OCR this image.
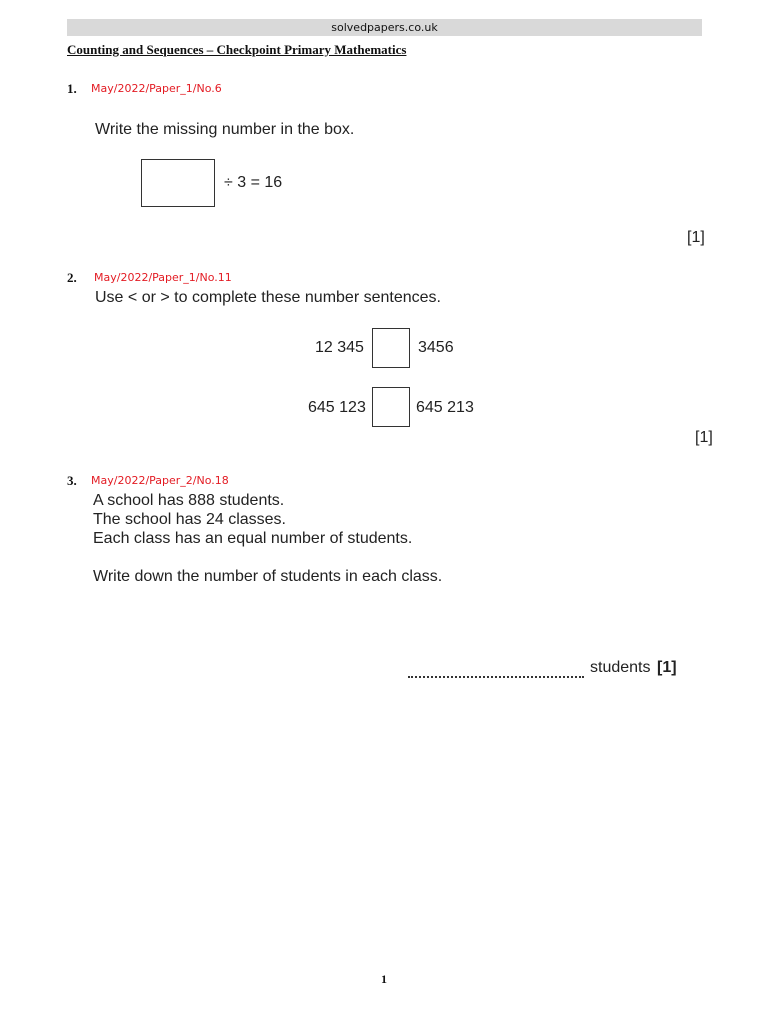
solvedpapers.co.uk
Counting and Sequences – Checkpoint Primary Mathematics
1. May/2022/Paper_1/No.6
Write the missing number in the box.
÷ 3 = 16
[1]
2. May/2022/Paper_1/No.11
Use < or > to complete these number sentences.
12 345	3456
645 123	645 213
[1]
3. May/2022/Paper_2/No.18
A school has 888 students.
The school has 24 classes.
Each class has an equal number of students.
Write down the number of students in each class.
students [1]
1
